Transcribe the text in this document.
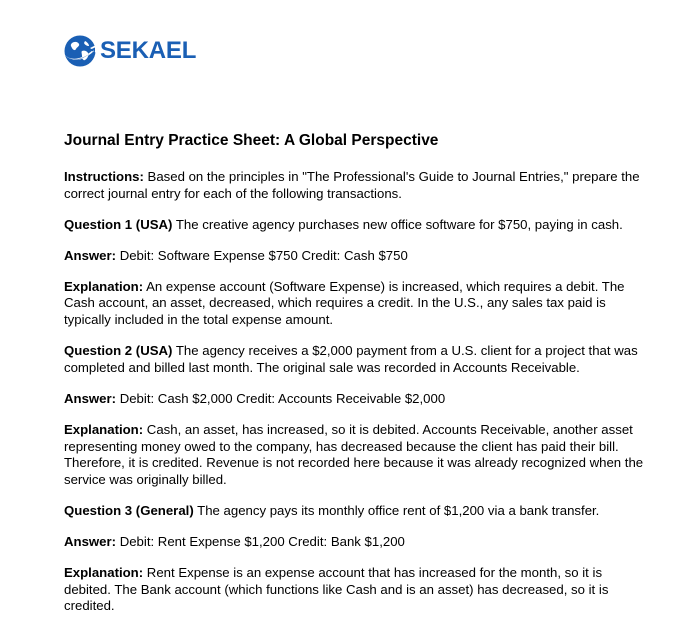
SEKAEL
Journal Entry Practice Sheet: A Global Perspective
Instructions: Based on the principles in "The Professional's Guide to Journal Entries," prepare the correct journal entry for each of the following transactions.
Question 1 (USA) The creative agency purchases new office software for $750, paying in cash.
Answer: Debit: Software Expense $750 Credit: Cash $750
Explanation: An expense account (Software Expense) is increased, which requires a debit. The Cash account, an asset, decreased, which requires a credit. In the U.S., any sales tax paid is typically included in the total expense amount.
Question 2 (USA) The agency receives a $2,000 payment from a U.S. client for a project that was completed and billed last month. The original sale was recorded in Accounts Receivable.
Answer: Debit: Cash $2,000 Credit: Accounts Receivable $2,000
Explanation: Cash, an asset, has increased, so it is debited. Accounts Receivable, another asset representing money owed to the company, has decreased because the client has paid their bill. Therefore, it is credited. Revenue is not recorded here because it was already recognized when the service was originally billed.
Question 3 (General) The agency pays its monthly office rent of $1,200 via a bank transfer.
Answer: Debit: Rent Expense $1,200 Credit: Bank $1,200
Explanation: Rent Expense is an expense account that has increased for the month, so it is debited. The Bank account (which functions like Cash and is an asset) has decreased, so it is credited.
